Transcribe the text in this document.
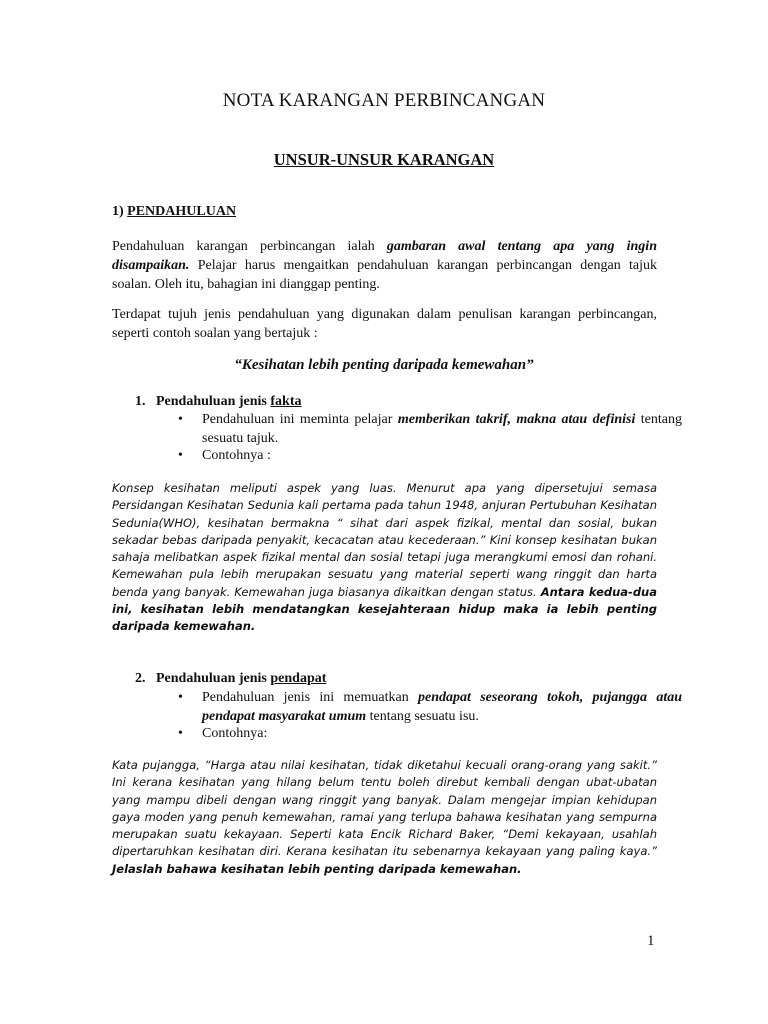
NOTA KARANGAN PERBINCANGAN
UNSUR-UNSUR KARANGAN
1) PENDAHULUAN
Pendahuluan karangan perbincangan ialah gambaran awal tentang apa yang ingin disampaikan. Pelajar harus mengaitkan pendahuluan karangan perbincangan dengan tajuk soalan. Oleh itu, bahagian ini dianggap penting.
Terdapat tujuh jenis pendahuluan yang digunakan dalam penulisan karangan perbincangan, seperti contoh soalan yang bertajuk :
“Kesihatan lebih penting daripada kemewahan”
1. Pendahuluan jenis fakta
• Pendahuluan ini meminta pelajar memberikan takrif, makna atau definisi tentang sesuatu tajuk.
• Contohnya :
Konsep kesihatan meliputi aspek yang luas. Menurut apa yang dipersetujui semasa Persidangan Kesihatan Sedunia kali pertama pada tahun 1948, anjuran Pertubuhan Kesihatan Sedunia(WHO), kesihatan bermakna “ sihat dari aspek fizikal, mental dan sosial, bukan sekadar bebas daripada penyakit, kecacatan atau kecederaan.” Kini konsep kesihatan bukan sahaja melibatkan aspek fizikal mental dan sosial tetapi juga merangkumi emosi dan rohani. Kemewahan pula lebih merupakan sesuatu yang material seperti wang ringgit dan harta benda yang banyak. Kemewahan juga biasanya dikaitkan dengan status. Antara kedua-dua ini, kesihatan lebih mendatangkan kesejahteraan hidup maka ia lebih penting daripada kemewahan.
2. Pendahuluan jenis pendapat
• Pendahuluan jenis ini memuatkan pendapat seseorang tokoh, pujangga atau pendapat masyarakat umum tentang sesuatu isu.
• Contohnya:
Kata pujangga, “Harga atau nilai kesihatan, tidak diketahui kecuali orang-orang yang sakit.” Ini kerana kesihatan yang hilang belum tentu boleh direbut kembali dengan ubat-ubatan yang mampu dibeli dengan wang ringgit yang banyak. Dalam mengejar impian kehidupan gaya moden yang penuh kemewahan, ramai yang terlupa bahawa kesihatan yang sempurna merupakan suatu kekayaan. Seperti kata Encik Richard Baker, “Demi kekayaan, usahlah dipertaruhkan kesihatan diri. Kerana kesihatan itu sebenarnya kekayaan yang paling kaya.” Jelaslah bahawa kesihatan lebih penting daripada kemewahan.
1
